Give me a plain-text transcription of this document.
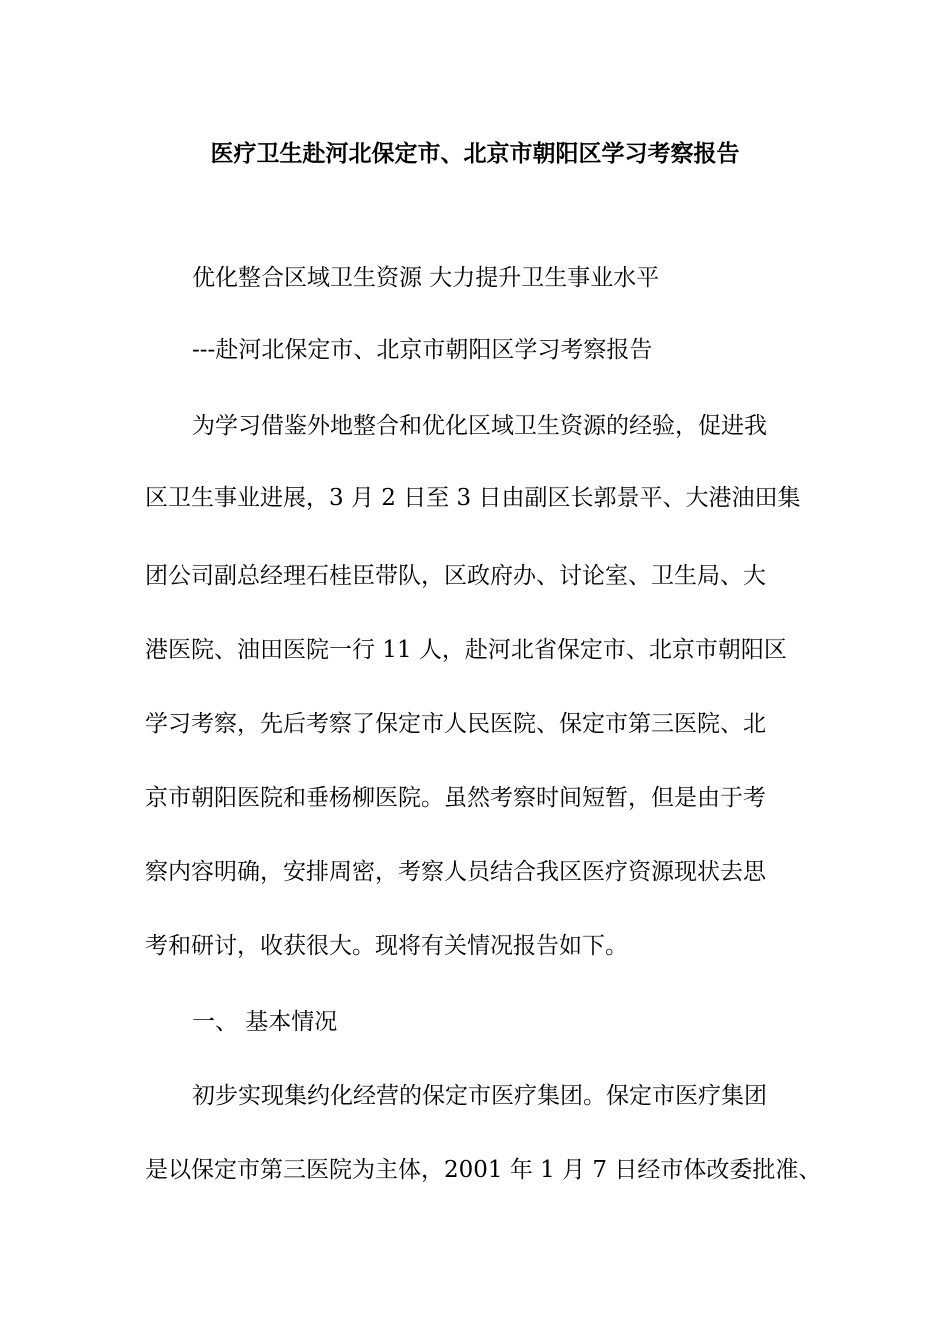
医疗卫生赴河北保定市、北京市朝阳区学习考察报告
优化整合区域卫生资源 大力提升卫生事业水平
---赴河北保定市、北京市朝阳区学习考察报告
为学习借鉴外地整合和优化区域卫生资源的经验，促进我
区卫生事业进展，3 月 2 日至 3 日由副区长郭景平、大港油田集
团公司副总经理石桂臣带队，区政府办、讨论室、卫生局、大
港医院、油田医院一行 11 人，赴河北省保定市、北京市朝阳区
学习考察，先后考察了保定市人民医院、保定市第三医院、北
京市朝阳医院和垂杨柳医院。虽然考察时间短暂，但是由于考
察内容明确，安排周密，考察人员结合我区医疗资源现状去思
考和研讨，收获很大。现将有关情况报告如下。
一、 基本情况
初步实现集约化经营的保定市医疗集团。保定市医疗集团
是以保定市第三医院为主体，2001 年 1 月 7 日经市体改委批准、
